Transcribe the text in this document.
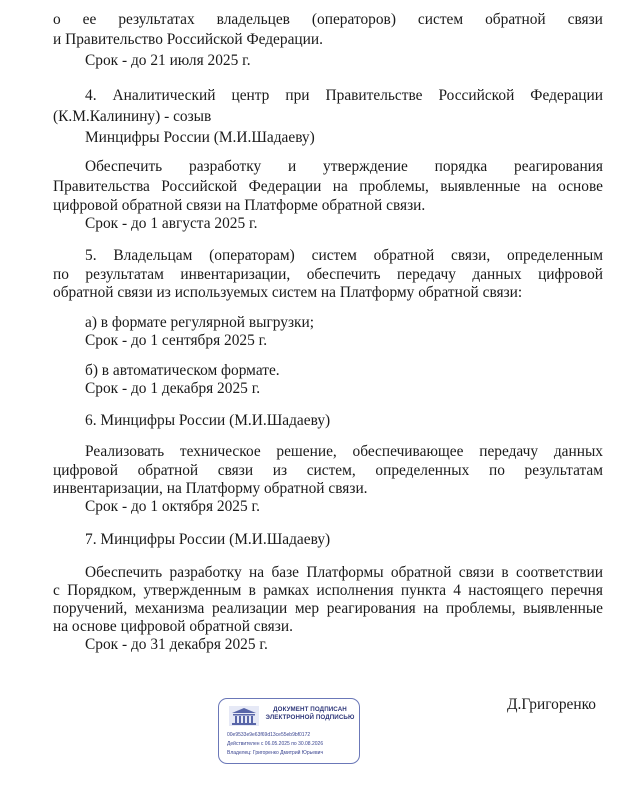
o ее результатах владельцев (операторов) систем обратной связи
и Правительство Российской Федерации.
Срок - до 21 июля 2025 г.
4. Аналитический центр при Правительстве Российской Федерации
(К.М.Калинину) - созыв
Минцифры России (М.И.Шадаеву)
Обеспечить разработку и утверждение порядка реагирования
Правительства Российской Федерации на проблемы, выявленные на основе
цифровой обратной связи на Платформе обратной связи.
Срок - до 1 августа 2025 г.
5. Владельцам (операторам) систем обратной связи, определенным
по результатам инвентаризации, обеспечить передачу данных цифровой
обратной связи из используемых систем на Платформу обратной связи:
а) в формате регулярной выгрузки;
Срок - до 1 сентября 2025 г.
б) в автоматическом формате.
Срок - до 1 декабря 2025 г.
6. Минцифры России (М.И.Шадаеву)
Реализовать техническое решение, обеспечивающее передачу данных
цифровой обратной связи из систем, определенных по результатам
инвентаризации, на Платформу обратной связи.
Срок - до 1 октября 2025 г.
7. Минцифры России (М.И.Шадаеву)
Обеспечить разработку на базе Платформы обратной связи в соответствии
с Порядком, утвержденным в рамках исполнения пункта 4 настоящего перечня
поручений, механизма реализации мер реагирования на проблемы, выявленные
на основе цифровой обратной связи.
Срок - до 31 декабря 2025 г.
Д.Григоренко
ДОКУМЕНТ ПОДПИСАН
ЭЛЕКТРОННОЙ ПОДПИСЬЮ
00e9533e9e63f69d13ce55eb9bf0172
Действителен с 06.05.2025 по 30.08.2026
Владелец: Григоренко Дмитрий Юрьевич
